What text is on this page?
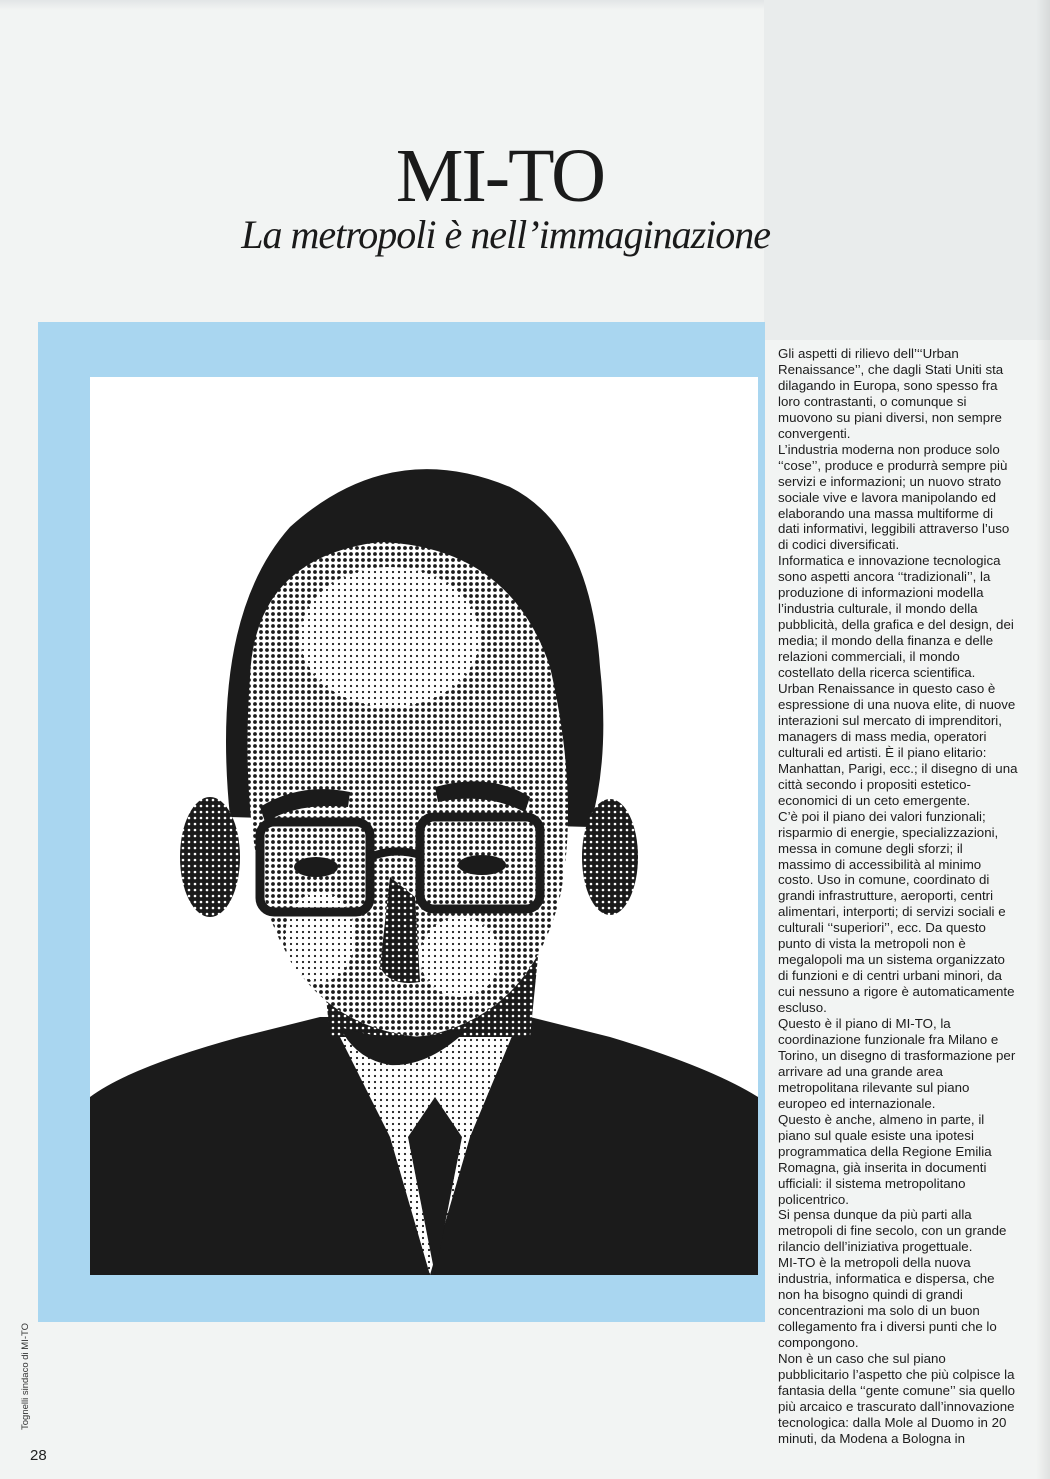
MI-TO
La metropoli è nell’immaginazione

Gli aspetti di rilievo dell’‘‘Urban Renaissance’’, che dagli Stati Uniti sta dilagando in Europa, sono spesso fra loro contrastanti, o comunque si muovono su piani diversi, non sempre convergenti.

L’industria moderna non produce solo ‘‘cose’’, produce e produrrà sempre più servizi e informazioni; un nuovo strato sociale vive e lavora manipolando ed elaborando una massa multiforme di dati informativi, leggibili attraverso l’uso di codici diversificati.

Informatica e innovazione tecnologica sono aspetti ancora ‘‘tradizionali’’, la produzione di informazioni modella l’industria culturale, il mondo della pubblicità, della grafica e del design, dei media; il mondo della finanza e delle relazioni commerciali, il mondo costellato della ricerca scientifica.

Urban Renaissance in questo caso è espressione di una nuova elite, di nuove interazioni sul mercato di imprenditori, managers di mass media, operatori culturali ed artisti. È il piano elitario: Manhattan, Parigi, ecc.; il disegno di una città secondo i propositi estetico-economici di un ceto emergente.

C’è poi il piano dei valori funzionali; risparmio di energie, specializzazioni, messa in comune degli sforzi; il massimo di accessibilità al minimo costo. Uso in comune, coordinato di grandi infrastrutture, aeroporti, centri alimentari, interporti; di servizi sociali e culturali ‘‘superiori’’, ecc. Da questo punto di vista la metropoli non è megalopoli ma un sistema organizzato di funzioni e di centri urbani minori, da cui nessuno a rigore è automaticamente escluso.

Questo è il piano di MI-TO, la coordinazione funzionale fra Milano e Torino, un disegno di trasformazione per arrivare ad una grande area metropolitana rilevante sul piano europeo ed internazionale.

Questo è anche, almeno in parte, il piano sul quale esiste una ipotesi programmatica della Regione Emilia Romagna, già inserita in documenti ufficiali: il sistema metropolitano policentrico.

Si pensa dunque da più parti alla metropoli di fine secolo, con un grande rilancio dell’iniziativa progettuale.

MI-TO è la metropoli della nuova industria, informatica e dispersa, che non ha bisogno quindi di grandi concentrazioni ma solo di un buon collegamento fra i diversi punti che lo compongono.

Non è un caso che sul piano pubblicitario l’aspetto che più colpisce la fantasia della ‘‘gente comune’’ sia quello più arcaico e trascurato dall’innovazione tecnologica: dalla Mole al Duomo in 20 minuti, da Modena a Bologna in

Tognelli sindaco di MI-TO
28
